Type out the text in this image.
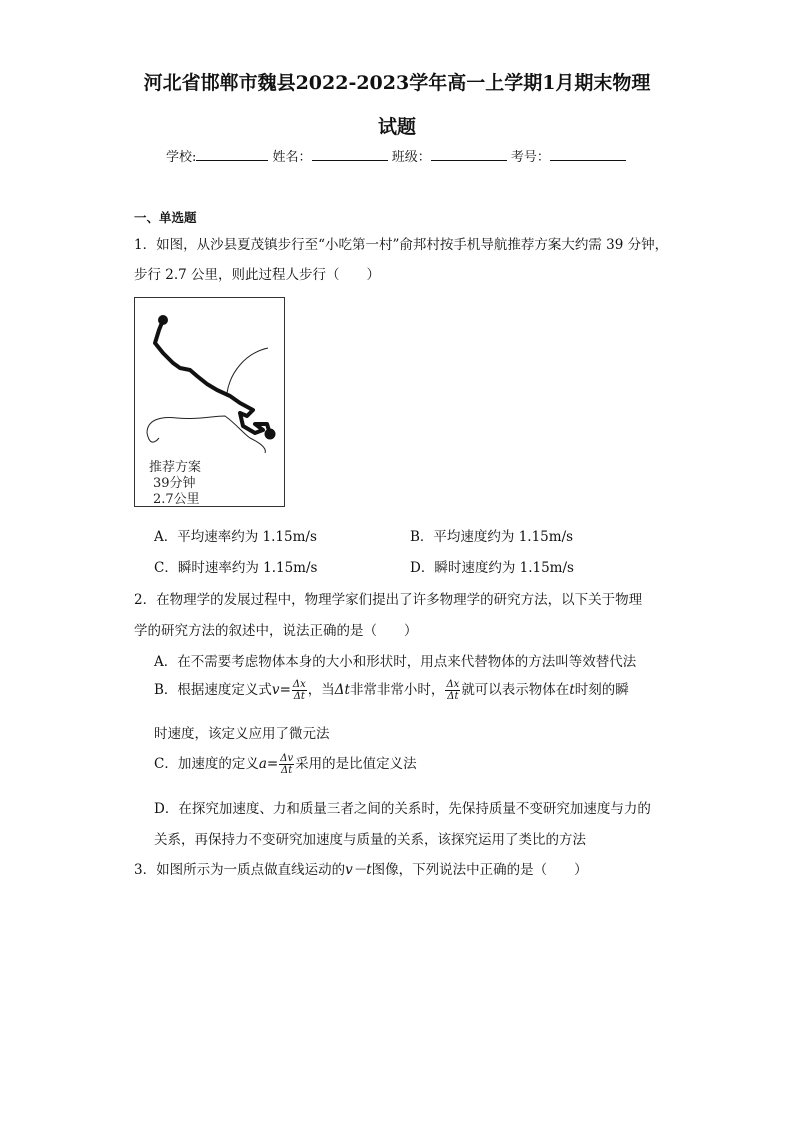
河北省邯郸市魏县2022-2023学年高一上学期1月期末物理
试题
学校:	姓名：	班级：	考号：
一、单选题
1．如图，从沙县夏茂镇步行至“小吃第一村”俞邦村按手机导航推荐方案大约需 39 分钟，
步行 2.7 公里，则此过程人步行（　　）
推荐方案
39分钟
2.7公里
A．平均速率约为 1.15m/s	B．平均速度约为 1.15m/s
C．瞬时速率约为 1.15m/s	D．瞬时速度约为 1.15m/s
2．在物理学的发展过程中，物理学家们提出了许多物理学的研究方法，以下关于物理
学的研究方法的叙述中，说法正确的是（　　）
A．在不需要考虑物体本身的大小和形状时，用点来代替物体的方法叫等效替代法
B．根据速度定义式$v= \frac{\Delta x}{\Delta t}$ ，当Δt非常非常小时， $\frac{\Delta x}{\Delta t}$ 就可以表示物体在t时刻的瞬
时速度，该定义应用了微元法
C．加速度的定义$a= \frac{\Delta v}{\Delta t}$ 采用的是比值定义法
D．在探究加速度、力和质量三者之间的关系时，先保持质量不变研究加速度与力的
关系，再保持力不变研究加速度与质量的关系，该探究运用了类比的方法
3．如图所示为一质点做直线运动的v－t图像，下列说法中正确的是（　　）
